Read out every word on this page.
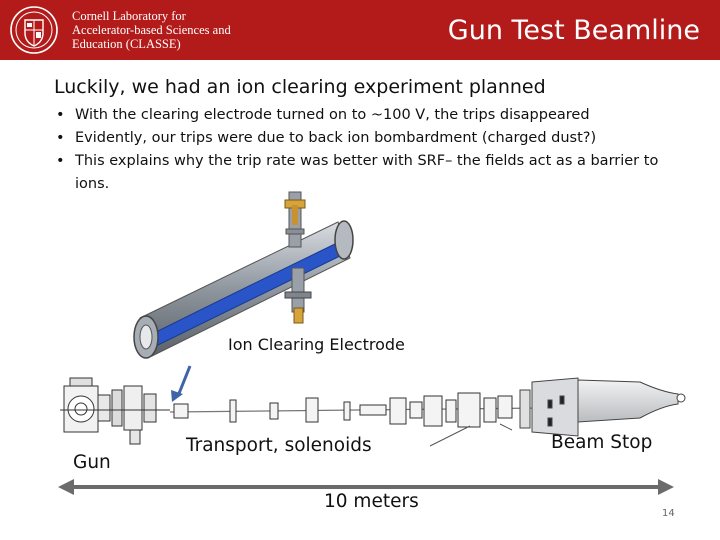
Cornell Laboratory for
Accelerator-based Sciences and
Education (CLASSE)	Gun Test Beamline
Luckily, we had an ion clearing experiment planned
• With the clearing electrode turned on to ~100 V, the trips disappeared
• Evidently, our trips were due to back ion bombardment (charged dust?)
• This explains why the trip rate was better with SRF– the fields act as a barrier to ions.
Ion Clearing Electrode
Gun
Transport, solenoids	Beam Stop
10 meters
14
